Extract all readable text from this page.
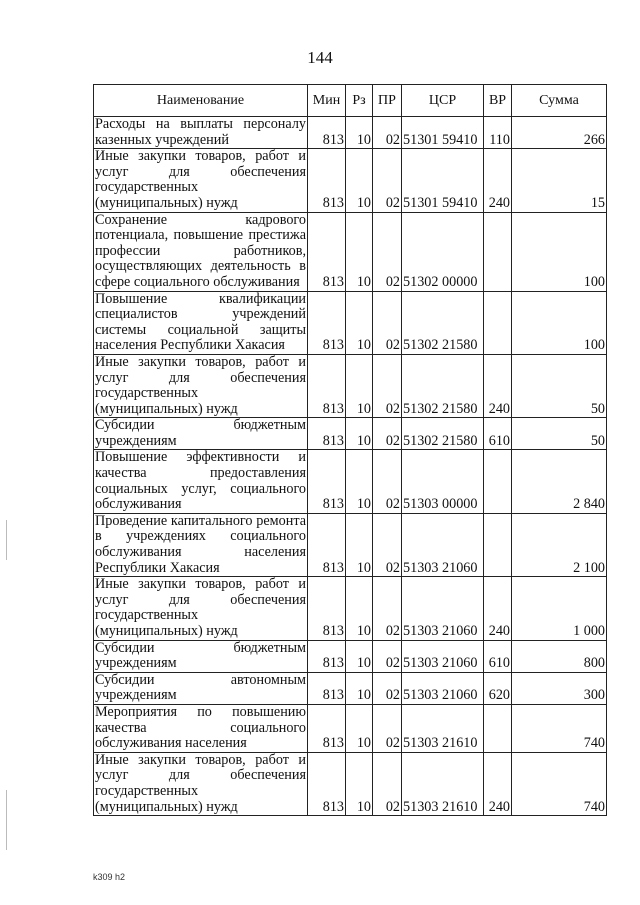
144
Наименование	Мин	Рз	ПР	ЦСР	ВР	Сумма
Расходы на выплаты персоналу казенных учреждений	813	10	02	51301 59410	110	266
Иные закупки товаров, работ и услуг для обеспечения государственных (муниципальных) нужд	813	10	02	51301 59410	240	15
Сохранение кадрового потенциала, повышение престижа профессии работников, осуществляющих деятельность в сфере социального обслуживания	813	10	02	51302 00000		100
Повышение квалификации специалистов учреждений системы социальной защиты населения Республики Хакасия	813	10	02	51302 21580		100
Иные закупки товаров, работ и услуг для обеспечения государственных (муниципальных) нужд	813	10	02	51302 21580	240	50
Субсидии бюджетным учреждениям	813	10	02	51302 21580	610	50
Повышение эффективности и качества предоставления социальных услуг, социального обслуживания	813	10	02	51303 00000		2 840
Проведение капитального ремонта в учреждениях социального обслуживания населения Республики Хакасия	813	10	02	51303 21060		2 100
Иные закупки товаров, работ и услуг для обеспечения государственных (муниципальных) нужд	813	10	02	51303 21060	240	1 000
Субсидии бюджетным учреждениям	813	10	02	51303 21060	610	800
Субсидии автономным учреждениям	813	10	02	51303 21060	620	300
Мероприятия по повышению качества социального обслуживания населения	813	10	02	51303 21610		740
Иные закупки товаров, работ и услуг для обеспечения государственных (муниципальных) нужд	813	10	02	51303 21610	240	740
k309 h2
